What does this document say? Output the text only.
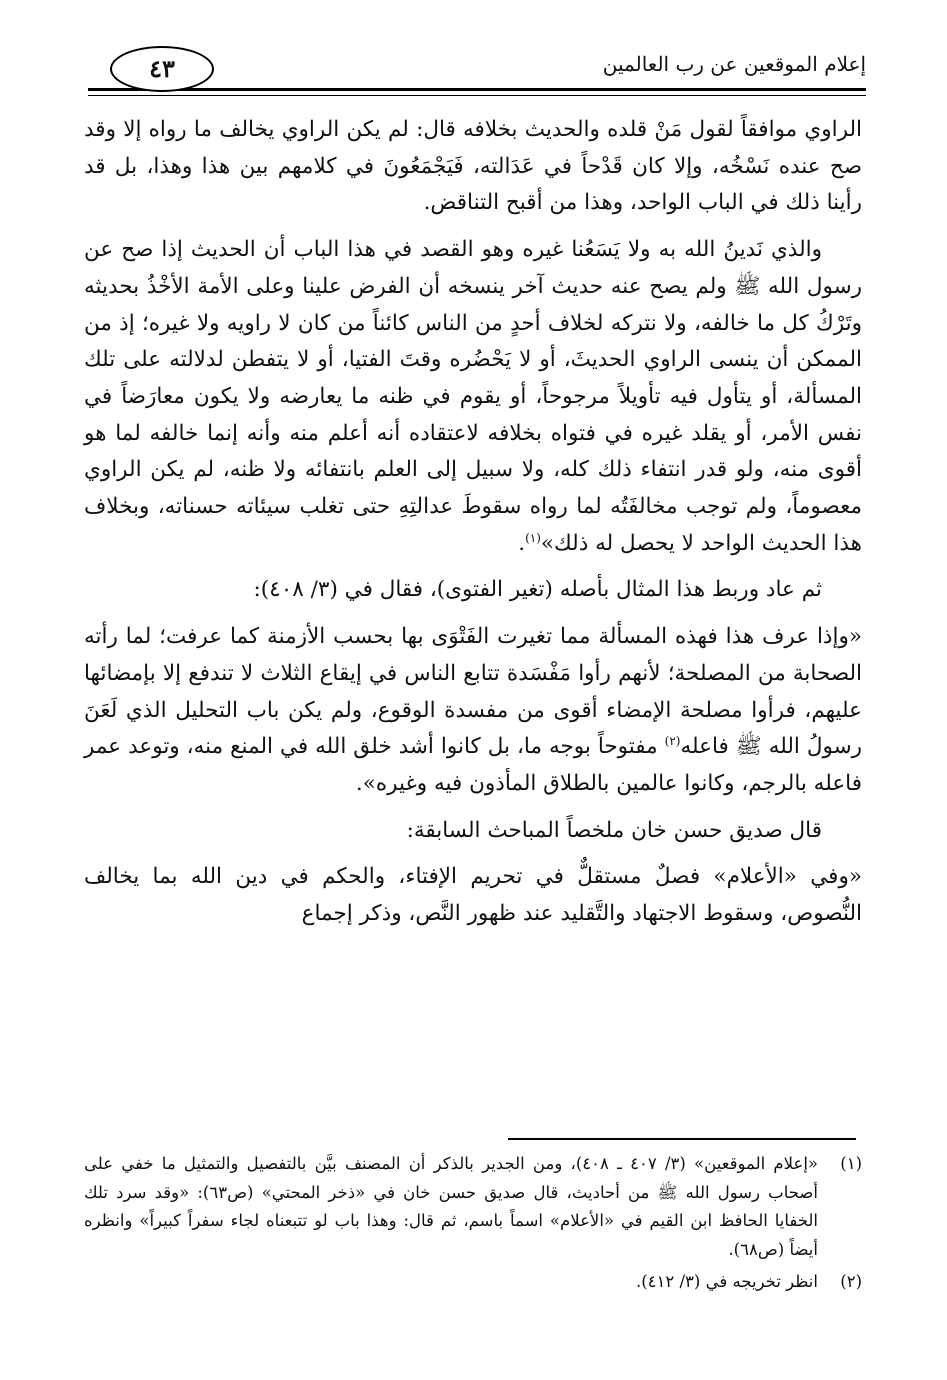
إعلام الموقعين عن رب العالمين
٤٣

الراوي موافقاً لقول مَنْ قلده والحديث بخلافه قال: لم يكن الراوي يخالف ما رواه إلا وقد صح عنده نَسْخُه، وإلا كان قَدْحاً في عَدَالته، فَيَجْمَعُونَ في كلامهم بين هذا وهذا، بل قد رأينا ذلك في الباب الواحد، وهذا من أقبح التناقض.

والذي نَدينُ الله به ولا يَسَعُنا غيره وهو القصد في هذا الباب أن الحديث إذا صح عن رسول الله ﷺ ولم يصح عنه حديث آخر ينسخه أن الفرض علينا وعلى الأمة الأخْذُ بحديثه وتَرْكُ كل ما خالفه، ولا نتركه لخلاف أحدٍ من الناس كائناً من كان لا راويه ولا غيره؛ إذ من الممكن أن ينسى الراوي الحديثَ، أو لا يَحْضُره وقتَ الفتيا، أو لا يتفطن لدلالته على تلك المسألة، أو يتأول فيه تأويلاً مرجوحاً، أو يقوم في ظنه ما يعارضه ولا يكون معارَضاً في نفس الأمر، أو يقلد غيره في فتواه بخلافه لاعتقاده أنه أعلم منه وأنه إنما خالفه لما هو أقوى منه، ولو قدر انتفاء ذلك كله، ولا سبيل إلى العلم بانتفائه ولا ظنه، لم يكن الراوي معصوماً، ولم توجب مخالفَتُه لما رواه سقوطَ عدالتِهِ حتى تغلب سيئاته حسناته، وبخلاف هذا الحديث الواحد لا يحصل له ذلك»$^{(١)}$.

ثم عاد وربط هذا المثال بأصله (تغير الفتوى)، فقال في (٣/ ٤٠٨):

«وإذا عرف هذا فهذه المسألة مما تغيرت الفَتْوَى بها بحسب الأزمنة كما عرفت؛ لما رأته الصحابة من المصلحة؛ لأنهم رأوا مَفْسَدة تتابع الناس في إيقاع الثلاث لا تندفع إلا بإمضائها عليهم، فرأوا مصلحة الإمضاء أقوى من مفسدة الوقوع، ولم يكن باب التحليل الذي لَعَنَ رسولُ الله ﷺ فاعله$^{(٢)}$ مفتوحاً بوجه ما، بل كانوا أشد خلق الله في المنع منه، وتوعد عمر فاعله بالرجم، وكانوا عالمين بالطلاق المأذون فيه وغيره».

قال صديق حسن خان ملخصاً المباحث السابقة:

«وفي «الأعلام» فصلٌ مستقلٌّ في تحريم الإفتاء، والحكم في دين الله بما يخالف النُّصوص، وسقوط الاجتهاد والتَّقليد عند ظهور النَّص، وذكر إجماع

(١)
«إعلام الموقعين» (٣/ ٤٠٧ ـ ٤٠٨)، ومن الجدير بالذكر أن المصنف بيَّن بالتفصيل والتمثيل ما خفي على أصحاب رسول الله ﷺ من أحاديث، قال صديق حسن خان في «ذخر المحتي» (ص٦٣): «وقد سرد تلك الخفايا الحافظ ابن القيم في «الأعلام» اسماً باسم، ثم قال: وهذا باب لو تتبعناه لجاء سفراً كبيراً» وانظره أيضاً (ص٦٨).
(٢)
انظر تخريجه في (٣/ ٤١٢).
